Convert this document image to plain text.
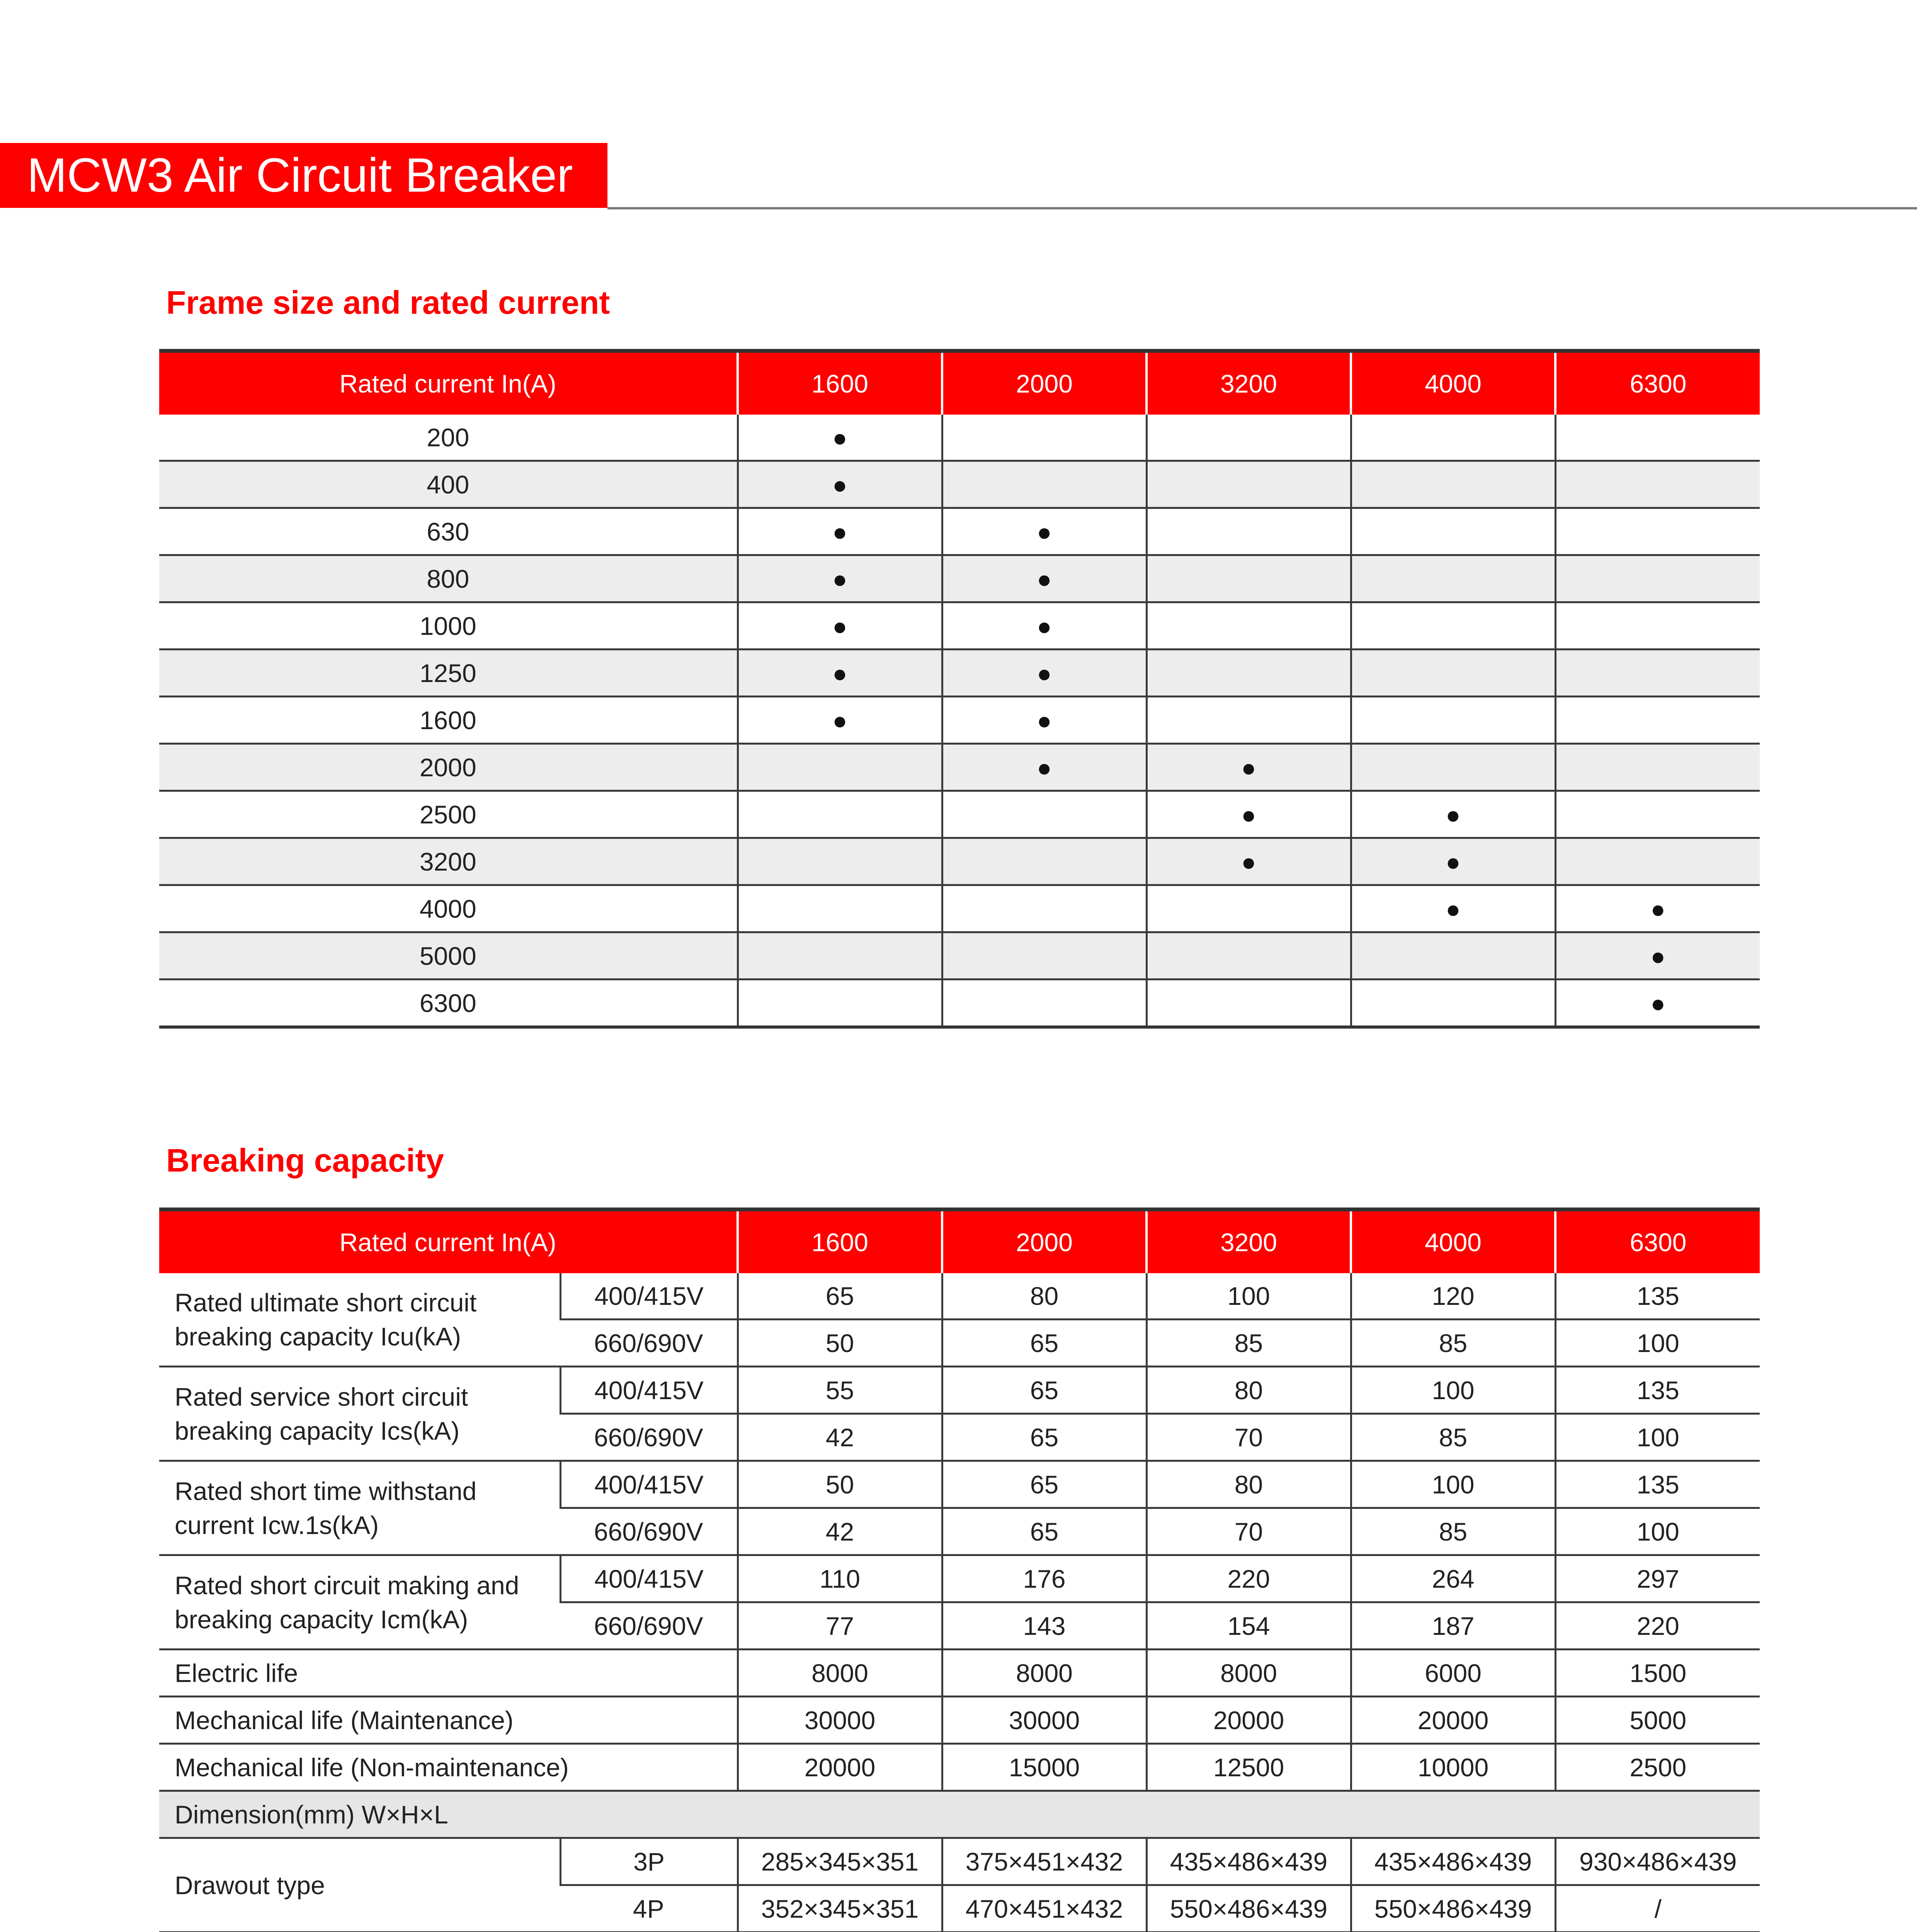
MCW3 Air Circuit Breaker
Frame size and rated current
Rated current In(A)	1600	2000	3200	4000	6300
200	●				
400	●				
630	●	●			
800	●	●			
1000	●	●			
1250	●	●			
1600	●	●			
2000		●	●		
2500			●	●	
3200			●	●	
4000				●	●
5000					●
6300					●
Breaking capacity
Rated current In(A)		1600	2000	3200	4000	6300
Rated ultimate short circuit breaking capacity Icu(kA)	400/415V	65	80	100	120	135
	660/690V	50	65	85	85	100
Rated service short circuit breaking capacity Ics(kA)	400/415V	55	65	80	100	135
	660/690V	42	65	70	85	100
Rated short time withstand current Icw.1s(kA)	400/415V	50	65	80	100	135
	660/690V	42	65	70	85	100
Rated short circuit making and breaking capacity Icm(kA)	400/415V	110	176	220	264	297
	660/690V	77	143	154	187	220
Electric life		8000	8000	8000	6000	1500
Mechanical life (Maintenance)		30000	30000	20000	20000	5000
Mechanical life (Non-maintenance)		20000	15000	12500	10000	2500
Dimension(mm) W×H×L						
Drawout type	3P	285×345×351	375×451×432	435×486×439	435×486×439	930×486×439
	4P	352×345×351	470×451×432	550×486×439	550×486×439	/
